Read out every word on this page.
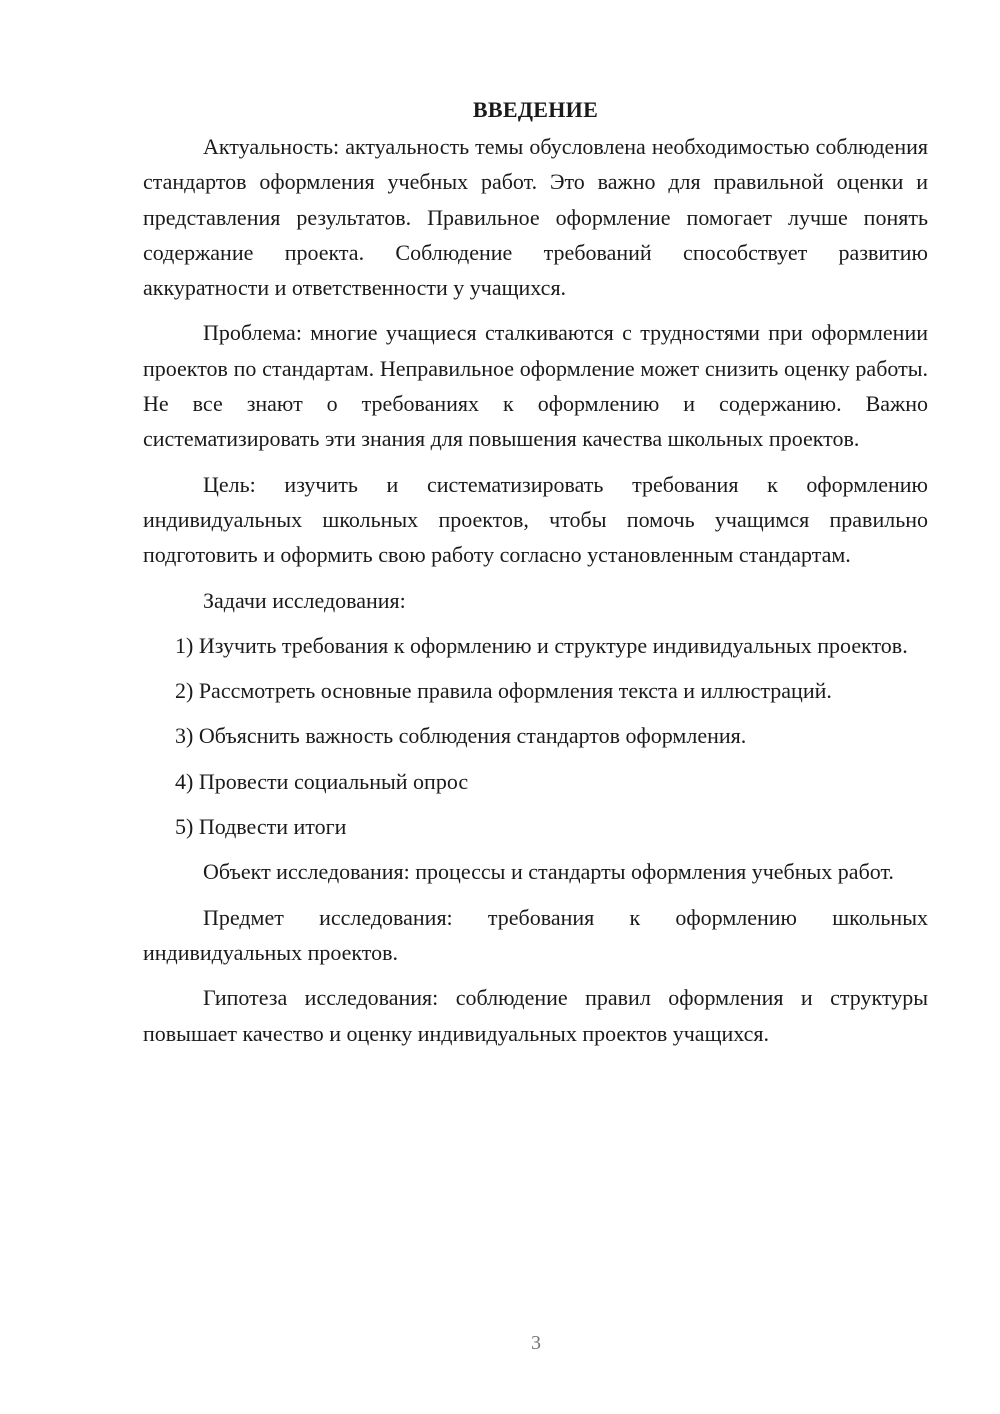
ВВЕДЕНИЕ

Актуальность: актуальность темы обусловлена необходимостью соблюдения стандартов оформления учебных работ. Это важно для правильной оценки и представления результатов. Правильное оформление помогает лучше понять содержание проекта. Соблюдение требований способствует развитию аккуратности и ответственности у учащихся.

Проблема: многие учащиеся сталкиваются с трудностями при оформлении проектов по стандартам. Неправильное оформление может снизить оценку работы. Не все знают о требованиях к оформлению и содержанию. Важно систематизировать эти знания для повышения качества школьных проектов.

Цель: изучить и систематизировать требования к оформлению индивидуальных школьных проектов, чтобы помочь учащимся правильно подготовить и оформить свою работу согласно установленным стандартам.

Задачи исследования:

1) Изучить требования к оформлению и структуре индивидуальных проектов.

2) Рассмотреть основные правила оформления текста и иллюстраций.

3) Объяснить важность соблюдения стандартов оформления.

4) Провести социальный опрос

5) Подвести итоги

Объект исследования: процессы и стандарты оформления учебных работ.

Предмет исследования: требования к оформлению школьных индивидуальных проектов.

Гипотеза исследования: соблюдение правил оформления и структуры повышает качество и оценку индивидуальных проектов учащихся.

3
